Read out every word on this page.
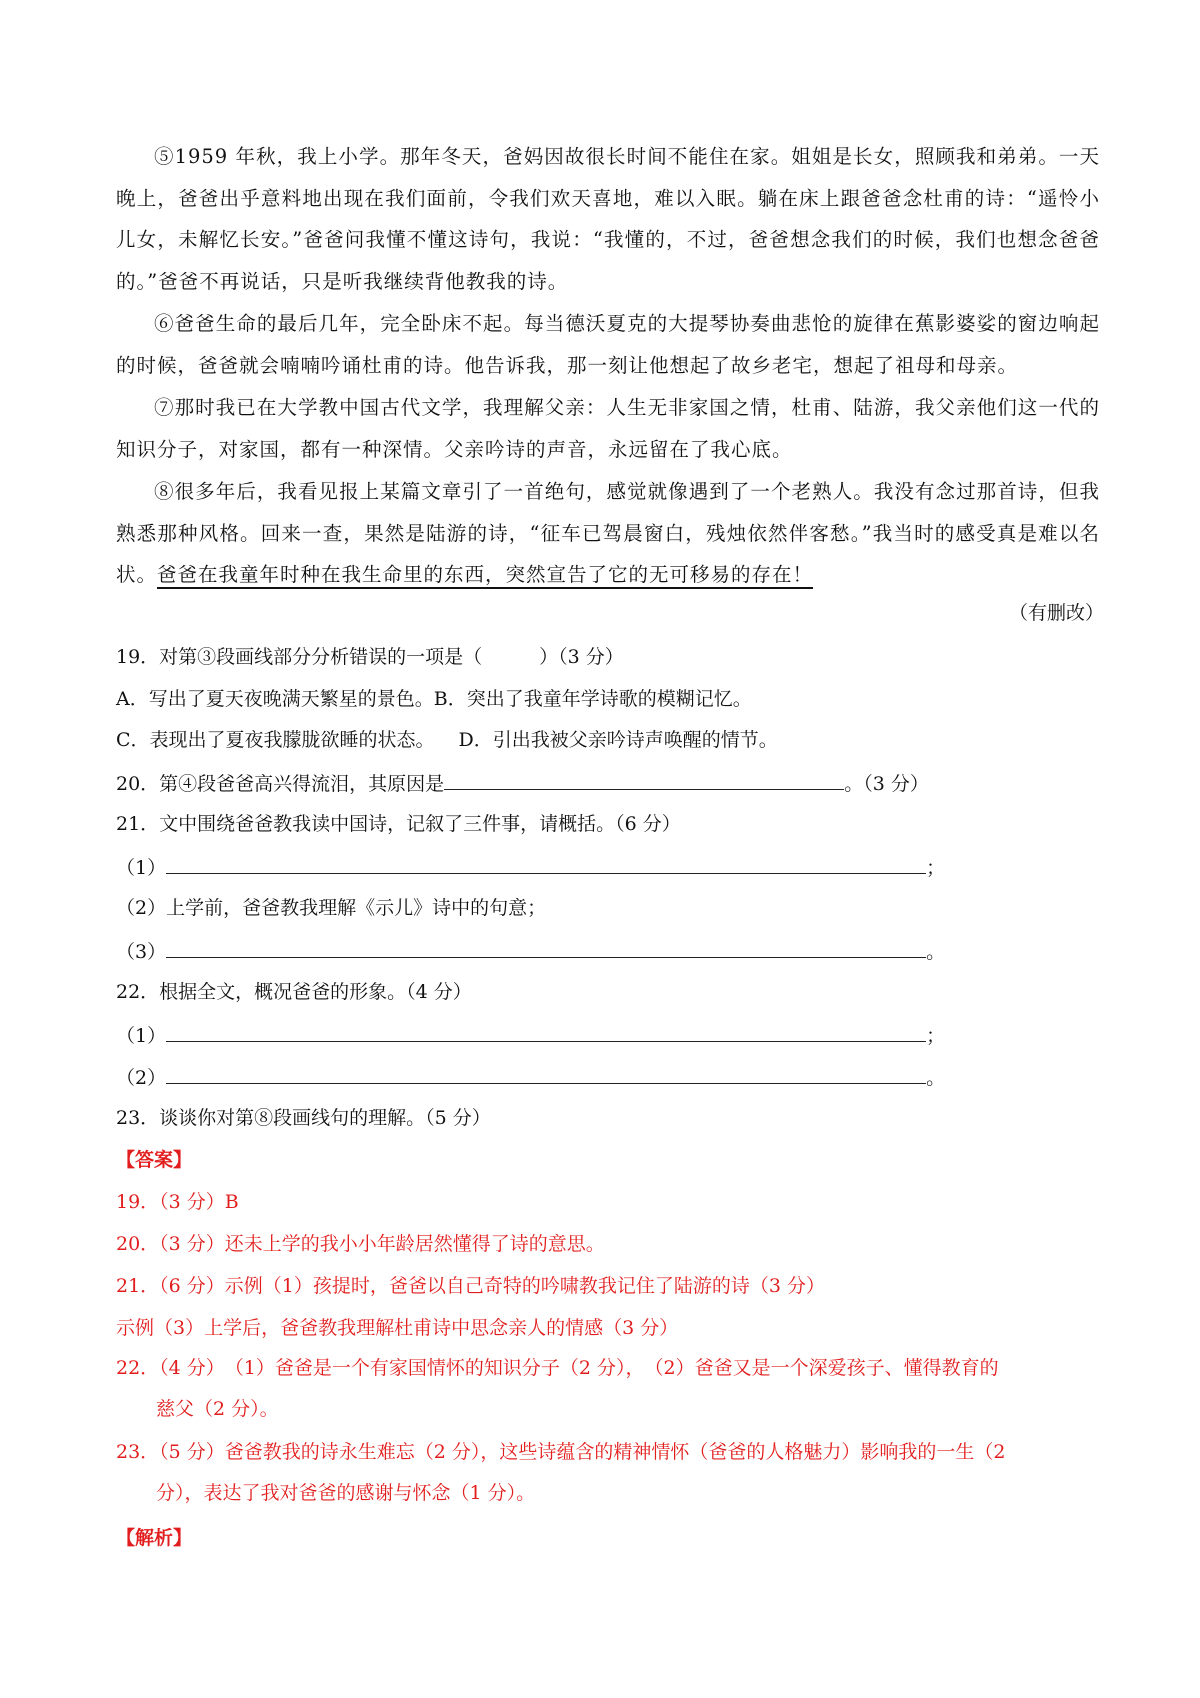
⑤1959 年秋，我上小学。那年冬天，爸妈因故很长时间不能住在家。姐姐是长女，照顾我和弟弟。一天晚上，爸爸出乎意料地出现在我们面前，令我们欢天喜地，难以入眠。躺在床上跟爸爸念杜甫的诗：“遥怜小儿女，未解忆长安。”爸爸问我懂不懂这诗句，我说：“我懂的，不过，爸爸想念我们的时候，我们也想念爸爸的。”爸爸不再说话，只是听我继续背他教我的诗。

⑥爸爸生命的最后几年，完全卧床不起。每当德沃夏克的大提琴协奏曲悲怆的旋律在蕉影婆娑的窗边响起的时候，爸爸就会喃喃吟诵杜甫的诗。他告诉我，那一刻让他想起了故乡老宅，想起了祖母和母亲。

⑦那时我已在大学教中国古代文学，我理解父亲：人生无非家国之情，杜甫、陆游，我父亲他们这一代的知识分子，对家国，都有一种深情。父亲吟诗的声音，永远留在了我心底。

⑧很多年后，我看见报上某篇文章引了一首绝句，感觉就像遇到了一个老熟人。我没有念过那首诗，但我熟悉那种风格。回来一查，果然是陆游的诗，“征车已驾晨窗白，残烛依然伴客愁。”我当时的感受真是难以名状。爸爸在我童年时种在我生命里的东西，突然宣告了它的无可移易的存在！

（有删改）
19．对第③段画线部分分析错误的一项是（　　　）（3 分）
A．写出了夏天夜晚满天繁星的景色。B．突出了我童年学诗歌的模糊记忆。
C．表现出了夏夜我朦胧欲睡的状态。 D．引出我被父亲吟诗声唤醒的情节。
20．第④段爸爸高兴得流泪，其原因是	。（3 分）
21．文中围绕爸爸教我读中国诗，记叙了三件事，请概括。（6 分）
（1）	；
（2）上学前，爸爸教我理解《示儿》诗中的句意；
（3）	。
22．根据全文，概况爸爸的形象。（4 分）
（1）	；
（2）	。
23．谈谈你对第⑧段画线句的理解。（5 分）
【答案】
19．（3 分）B
20．（3 分）还未上学的我小小年龄居然懂得了诗的意思。
21．（6 分）示例（1）孩提时，爸爸以自己奇特的吟啸教我记住了陆游的诗（3 分）
示例（3）上学后，爸爸教我理解杜甫诗中思念亲人的情感（3 分）
22．（4 分）　（1）爸爸是一个有家国情怀的知识分子（2 分），　（2）爸爸又是一个深爱孩子、懂得教育的
慈父（2 分）。
23．（5 分）爸爸教我的诗永生难忘（2 分），这些诗蕴含的精神情怀（爸爸的人格魅力）影响我的一生（2
分），表达了我对爸爸的感谢与怀念（1 分）。
【解析】
